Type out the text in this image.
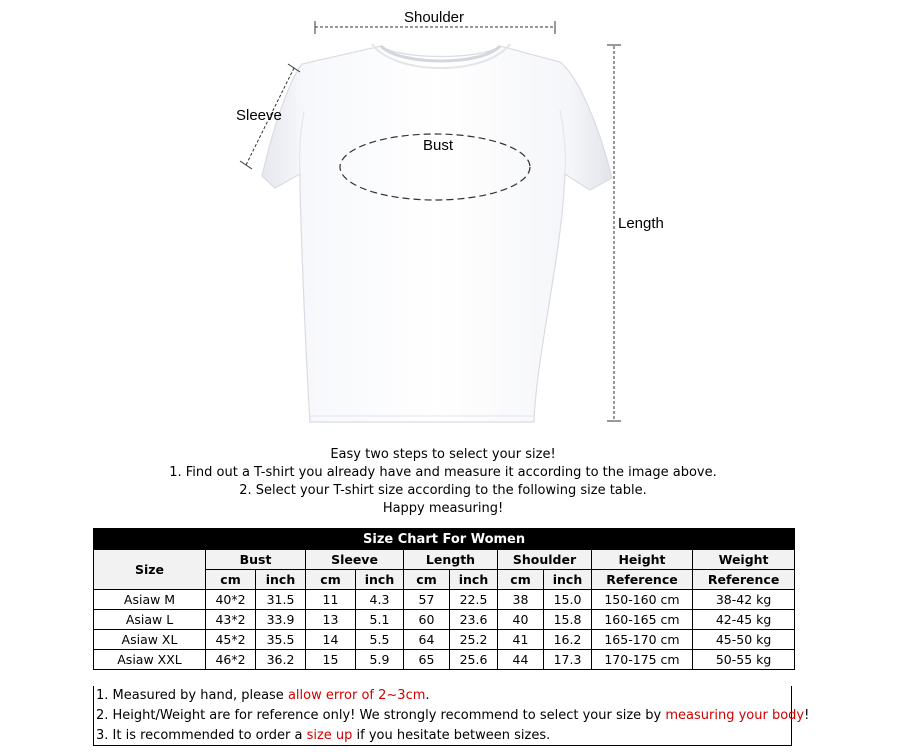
Shoulder
Sleeve
Bust
Length
Easy two steps to select your size!
1. Find out a T-shirt you already have and measure it according to the image above.
2. Select your T-shirt size according to the following size table.
Happy measuring!
Size Chart For Women										
Size	Bust		Sleeve		Length		Shoulder		Height	Weight
	cm	inch	cm	inch	cm	inch	cm	inch	Reference	Reference
Asiaw M	40*2	31.5	11	4.3	57	22.5	38	15.0	150-160 cm	38-42 kg
Asiaw L	43*2	33.9	13	5.1	60	23.6	40	15.8	160-165 cm	42-45 kg
Asiaw XL	45*2	35.5	14	5.5	64	25.2	41	16.2	165-170 cm	45-50 kg
Asiaw XXL	46*2	36.2	15	5.9	65	25.6	44	17.3	170-175 cm	50-55 kg
1. Measured by hand, please allow error of 2~3cm.
2. Height/Weight are for reference only! We strongly recommend to select your size by measuring your body!
3. It is recommended to order a size up if you hesitate between sizes.
